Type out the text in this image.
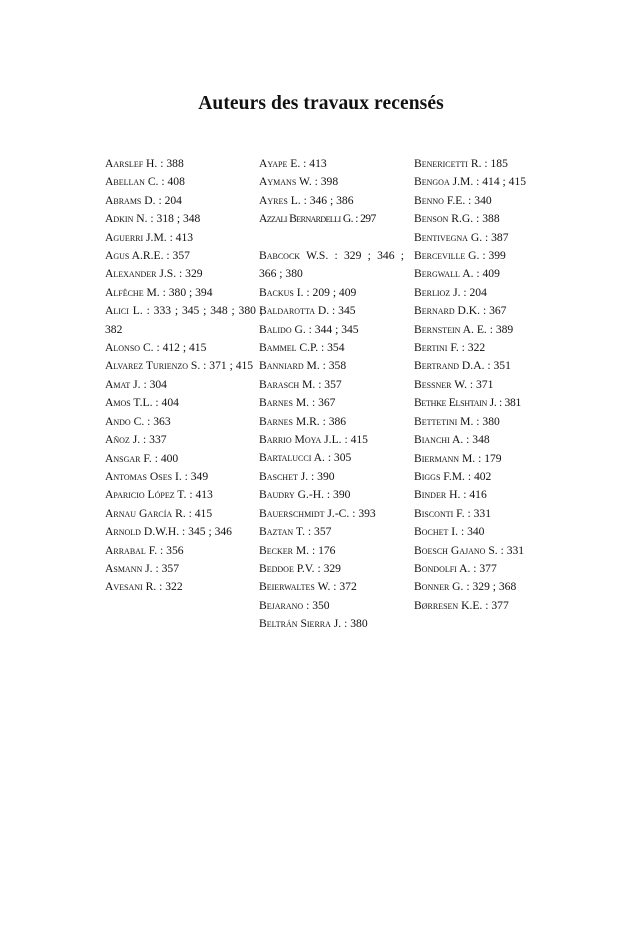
Auteurs des travaux recensés
Aarslef H. : 388
Abellan C. : 408
Abrams D. : 204
Adkin N. : 318 ; 348
Aguerri J.M. : 413
Agus A.R.E. : 357
Alexander J.S. : 329
Alfêche M. : 380 ; 394
Alici L. : 333 ; 345 ; 348 ; 380 ; 382
Alonso C. : 412 ; 415
Alvarez Turienzo S. : 371 ; 415
Amat J. : 304
Amos T.L. : 404
Ando C. : 363
Añoz J. : 337
Ansgar F. : 400
Antomas Oses I. : 349
Aparicio López T. : 413
Arnau García R. : 415
Arnold D.W.H. : 345 ; 346
Arrabal F. : 356
Asmann J. : 357
Avesani R. : 322
Ayape E. : 413
Aymans W. : 398
Ayres L. : 346 ; 386
Azzali Bernardelli G. : 297
Babcock W.S. : 329 ; 346 ; 366 ; 380
Backus I. : 209 ; 409
Baldarotta D. : 345
Balido G. : 344 ; 345
Bammel C.P. : 354
Banniard M. : 358
Barasch M. : 357
Barnes M. : 367
Barnes M.R. : 386
Barrio Moya J.L. : 415
Bartalucci A. : 305
Baschet J. : 390
Baudry G.-H. : 390
Bauerschmidt J.-C. : 393
Baztan T. : 357
Becker M. : 176
Beddoe P.V. : 329
Beierwaltes W. : 372
Bejarano : 350
Beltrán Sierra J. : 380
Benericetti R. : 185
Bengoa J.M. : 414 ; 415
Benno F.E. : 340
Benson R.G. : 388
Bentivegna G. : 387
Berceville G. : 399
Bergwall A. : 409
Berlioz J. : 204
Bernard D.K. : 367
Bernstein A. E. : 389
Bertini F. : 322
Bertrand D.A. : 351
Bessner W. : 371
Bethke Elshtain J. : 381
Bettetini M. : 380
Bianchi A. : 348
Biermann M. : 179
Biggs F.M. : 402
Binder H. : 416
Bisconti F. : 331
Bochet I. : 340
Boesch Gajano S. : 331
Bondolfi A. : 377
Bonner G. : 329 ; 368
Børresen K.E. : 377
